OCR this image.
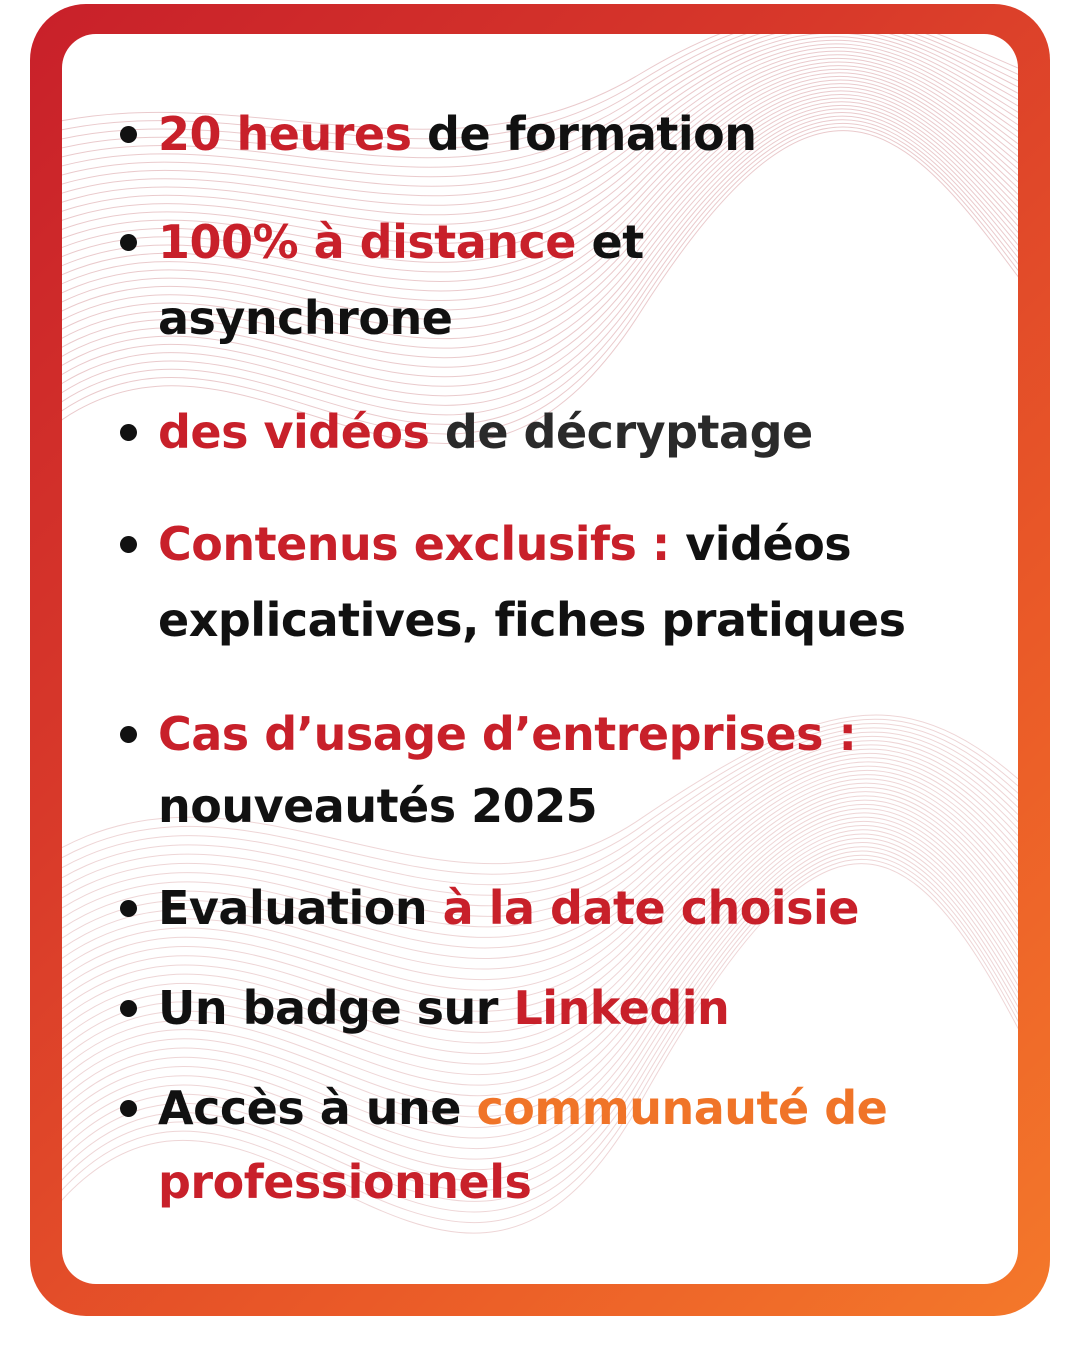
20 heures de formation

100% à distance et

asynchrone

des vidéos de décryptage

Contenus exclusifs : vidéos

explicatives, fiches pratiques

Cas d’usage d’entreprises :

nouveautés 2025

Evaluation à la date choisie

Un badge sur Linkedin

Accès à une communauté de

professionnels
